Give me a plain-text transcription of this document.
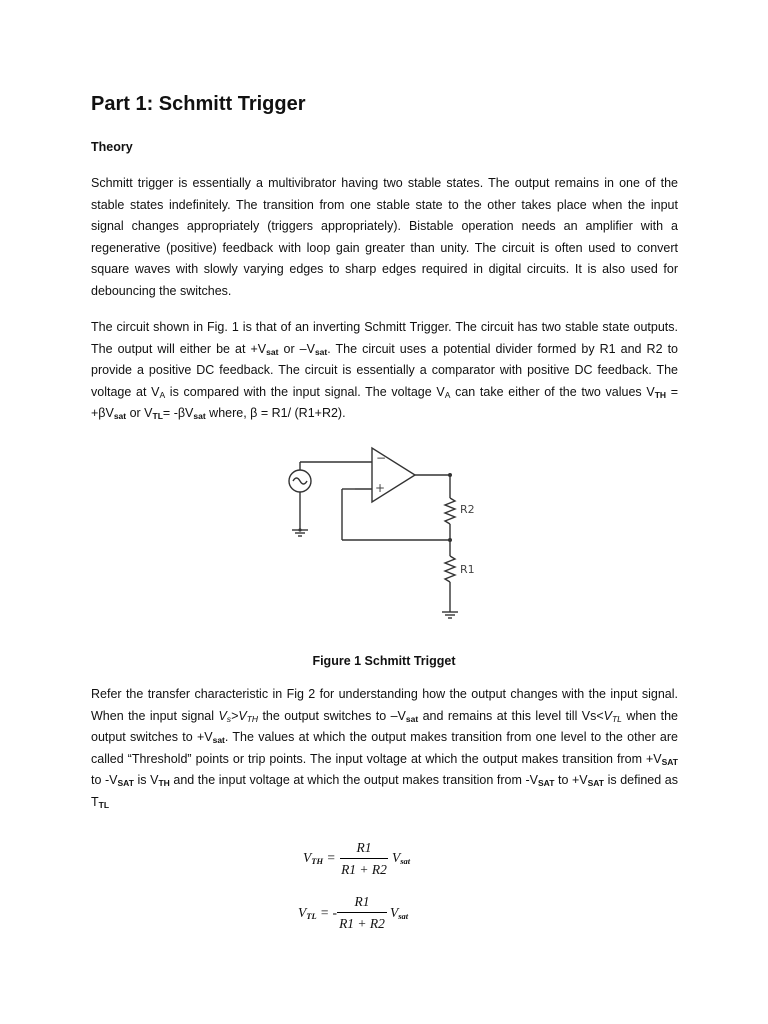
Part 1: Schmitt Trigger
Theory

Schmitt trigger is essentially a multivibrator having two stable states. The output remains in one of the stable states indefinitely. The transition from one stable state to the other takes place when the input signal changes appropriately (triggers appropriately). Bistable operation needs an amplifier with a regenerative (positive) feedback with loop gain greater than unity. The circuit is often used to convert square waves with slowly varying edges to sharp edges required in digital circuits. It is also used for debouncing the switches.

The circuit shown in Fig. 1 is that of an inverting Schmitt Trigger. The circuit has two stable state outputs. The output will either be at $+V_{sat}$ or $-V_{sat}$. The circuit uses a potential divider formed by R1 and R2 to provide a positive DC feedback. The circuit is essentially a comparator with positive DC feedback. The voltage at $V_A$ is compared with the input signal. The voltage $V_A$ can take either of the two values $V_{TH} = +\beta V_{sat}$ or $V_{TL}= -\beta V_{sat}$ where, β = R1/ (R1+R2).

R2
R1
−
+
Figure 1 Schmitt Trigget

Refer the transfer characteristic in Fig 2 for understanding how the output changes with the input signal. When the input signal $V_s>V_{TH}$ the output switches to $-V_{sat}$ and remains at this level till $Vs<V_{TL}$ when the output switches to $+V_{sat}$. The values at which the output makes transition from one level to the other are called “Threshold” points or trip points. The input voltage at which the output makes transition from $+V_{SAT}$ to $-V_{SAT}$ is $V_{TH}$ and the input voltage at which the output makes transition from $-V_{SAT}$ to $+V_{SAT}$ is defined as $T_{TL}$

$V_{TH}$ =
R1
R1 + R2
$V_{sat}$
$V_{TL}$ = -
R1
R1 + R2
$V_{sat}$
